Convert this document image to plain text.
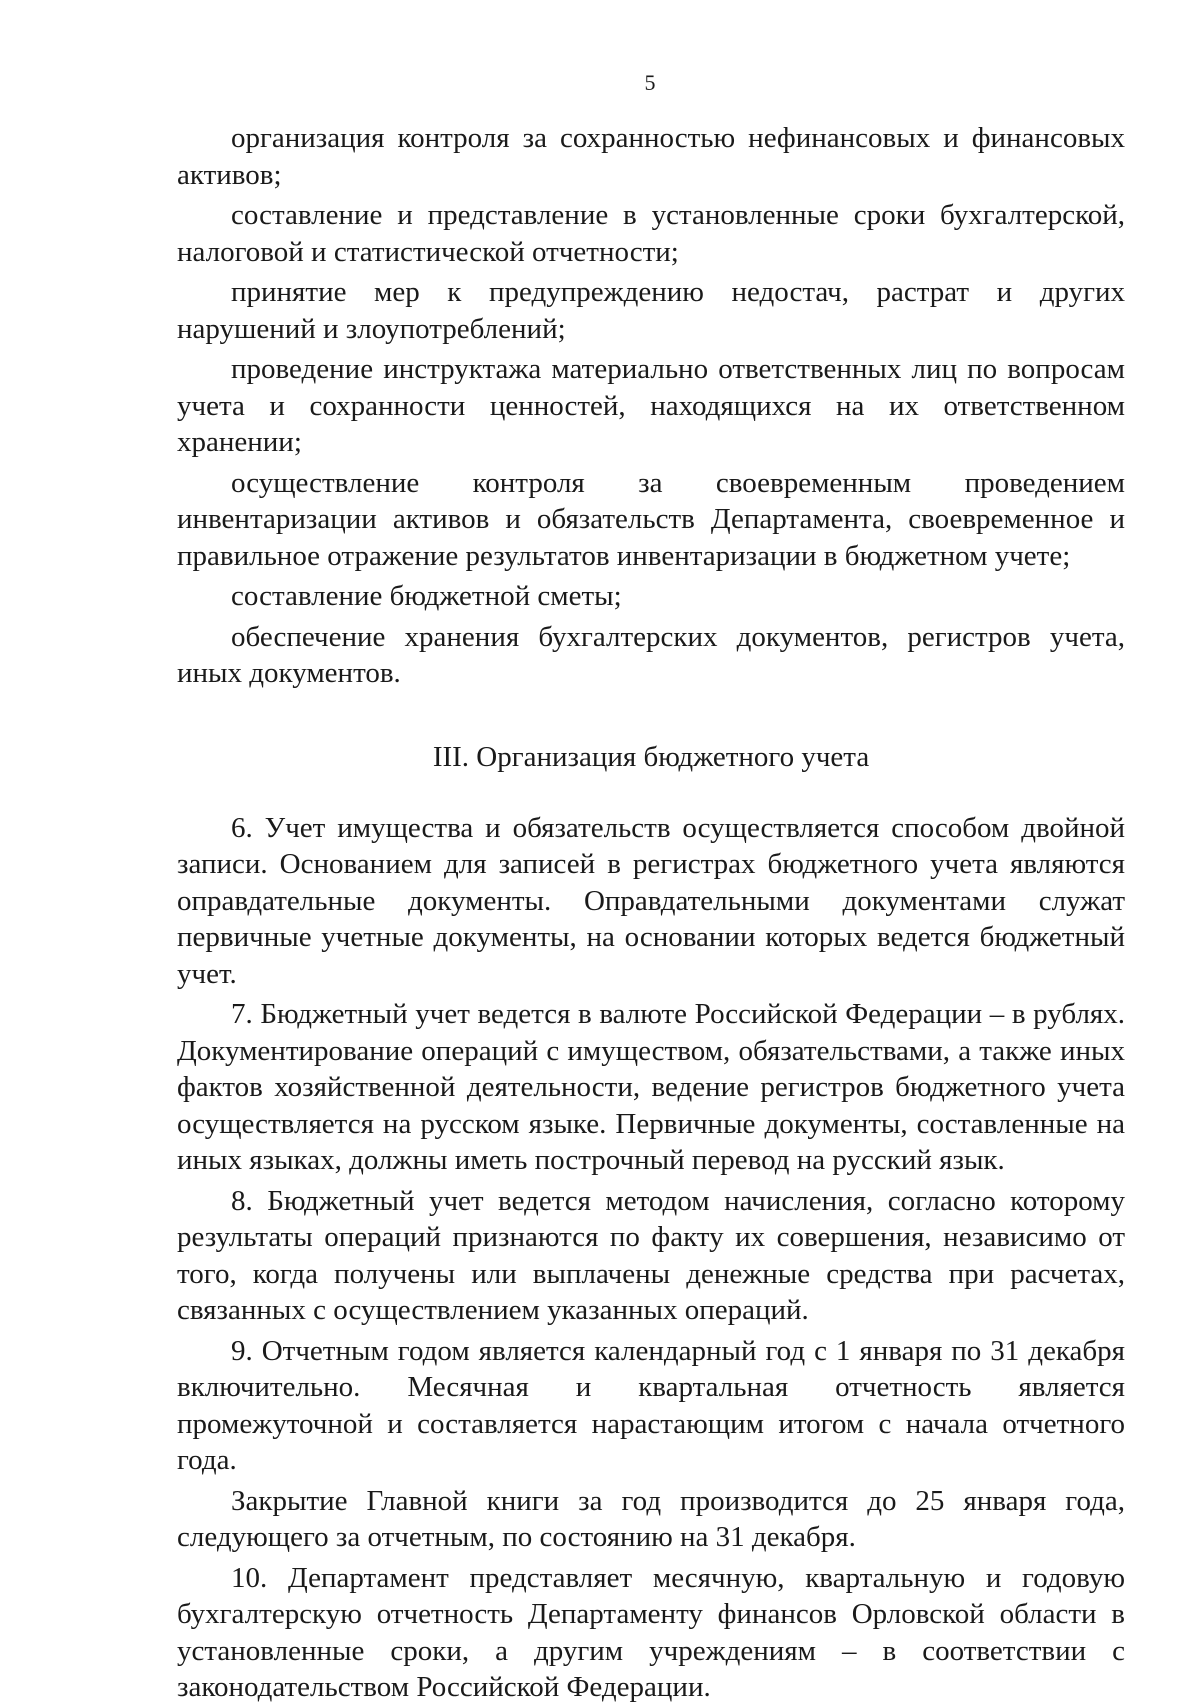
5

организация контроля за сохранностью нефинансовых и финансовых активов;

составление и представление в установленные сроки бухгалтерской, налоговой и статистической отчетности;

принятие мер к предупреждению недостач, растрат и других нарушений и злоупотреблений;

проведение инструктажа материально ответственных лиц по вопросам учета и сохранности ценностей, находящихся на их ответственном хранении;

осуществление контроля за своевременным проведением инвентаризации активов и обязательств Департамента, своевременное и правильное отражение результатов инвентаризации в бюджетном учете;

составление бюджетной сметы;

обеспечение хранения бухгалтерских документов, регистров учета, иных документов.

III. Организация бюджетного учета

6. Учет имущества и обязательств осуществляется способом двойной записи. Основанием для записей в регистрах бюджетного учета являются оправдательные документы. Оправдательными документами служат первичные учетные документы, на основании которых ведется бюджетный учет.

7. Бюджетный учет ведется в валюте Российской Федерации – в рублях. Документирование операций с имуществом, обязательствами, а также иных фактов хозяйственной деятельности, ведение регистров бюджетного учета осуществляется на русском языке. Первичные документы, составленные на иных языках, должны иметь построчный перевод на русский язык.

8. Бюджетный учет ведется методом начисления, согласно которому результаты операций признаются по факту их совершения, независимо от того, когда получены или выплачены денежные средства при расчетах, связанных с осуществлением указанных операций.

9. Отчетным годом является календарный год с 1 января по 31 декабря включительно. Месячная и квартальная отчетность является промежуточной и составляется нарастающим итогом с начала отчетного года.

Закрытие Главной книги за год производится до 25 января года, следующего за отчетным, по состоянию на 31 декабря.

10. Департамент представляет месячную, квартальную и годовую бухгалтерскую отчетность Департаменту финансов Орловской области в установленные сроки, а другим учреждениям – в соответствии с законодательством Российской Федерации.
